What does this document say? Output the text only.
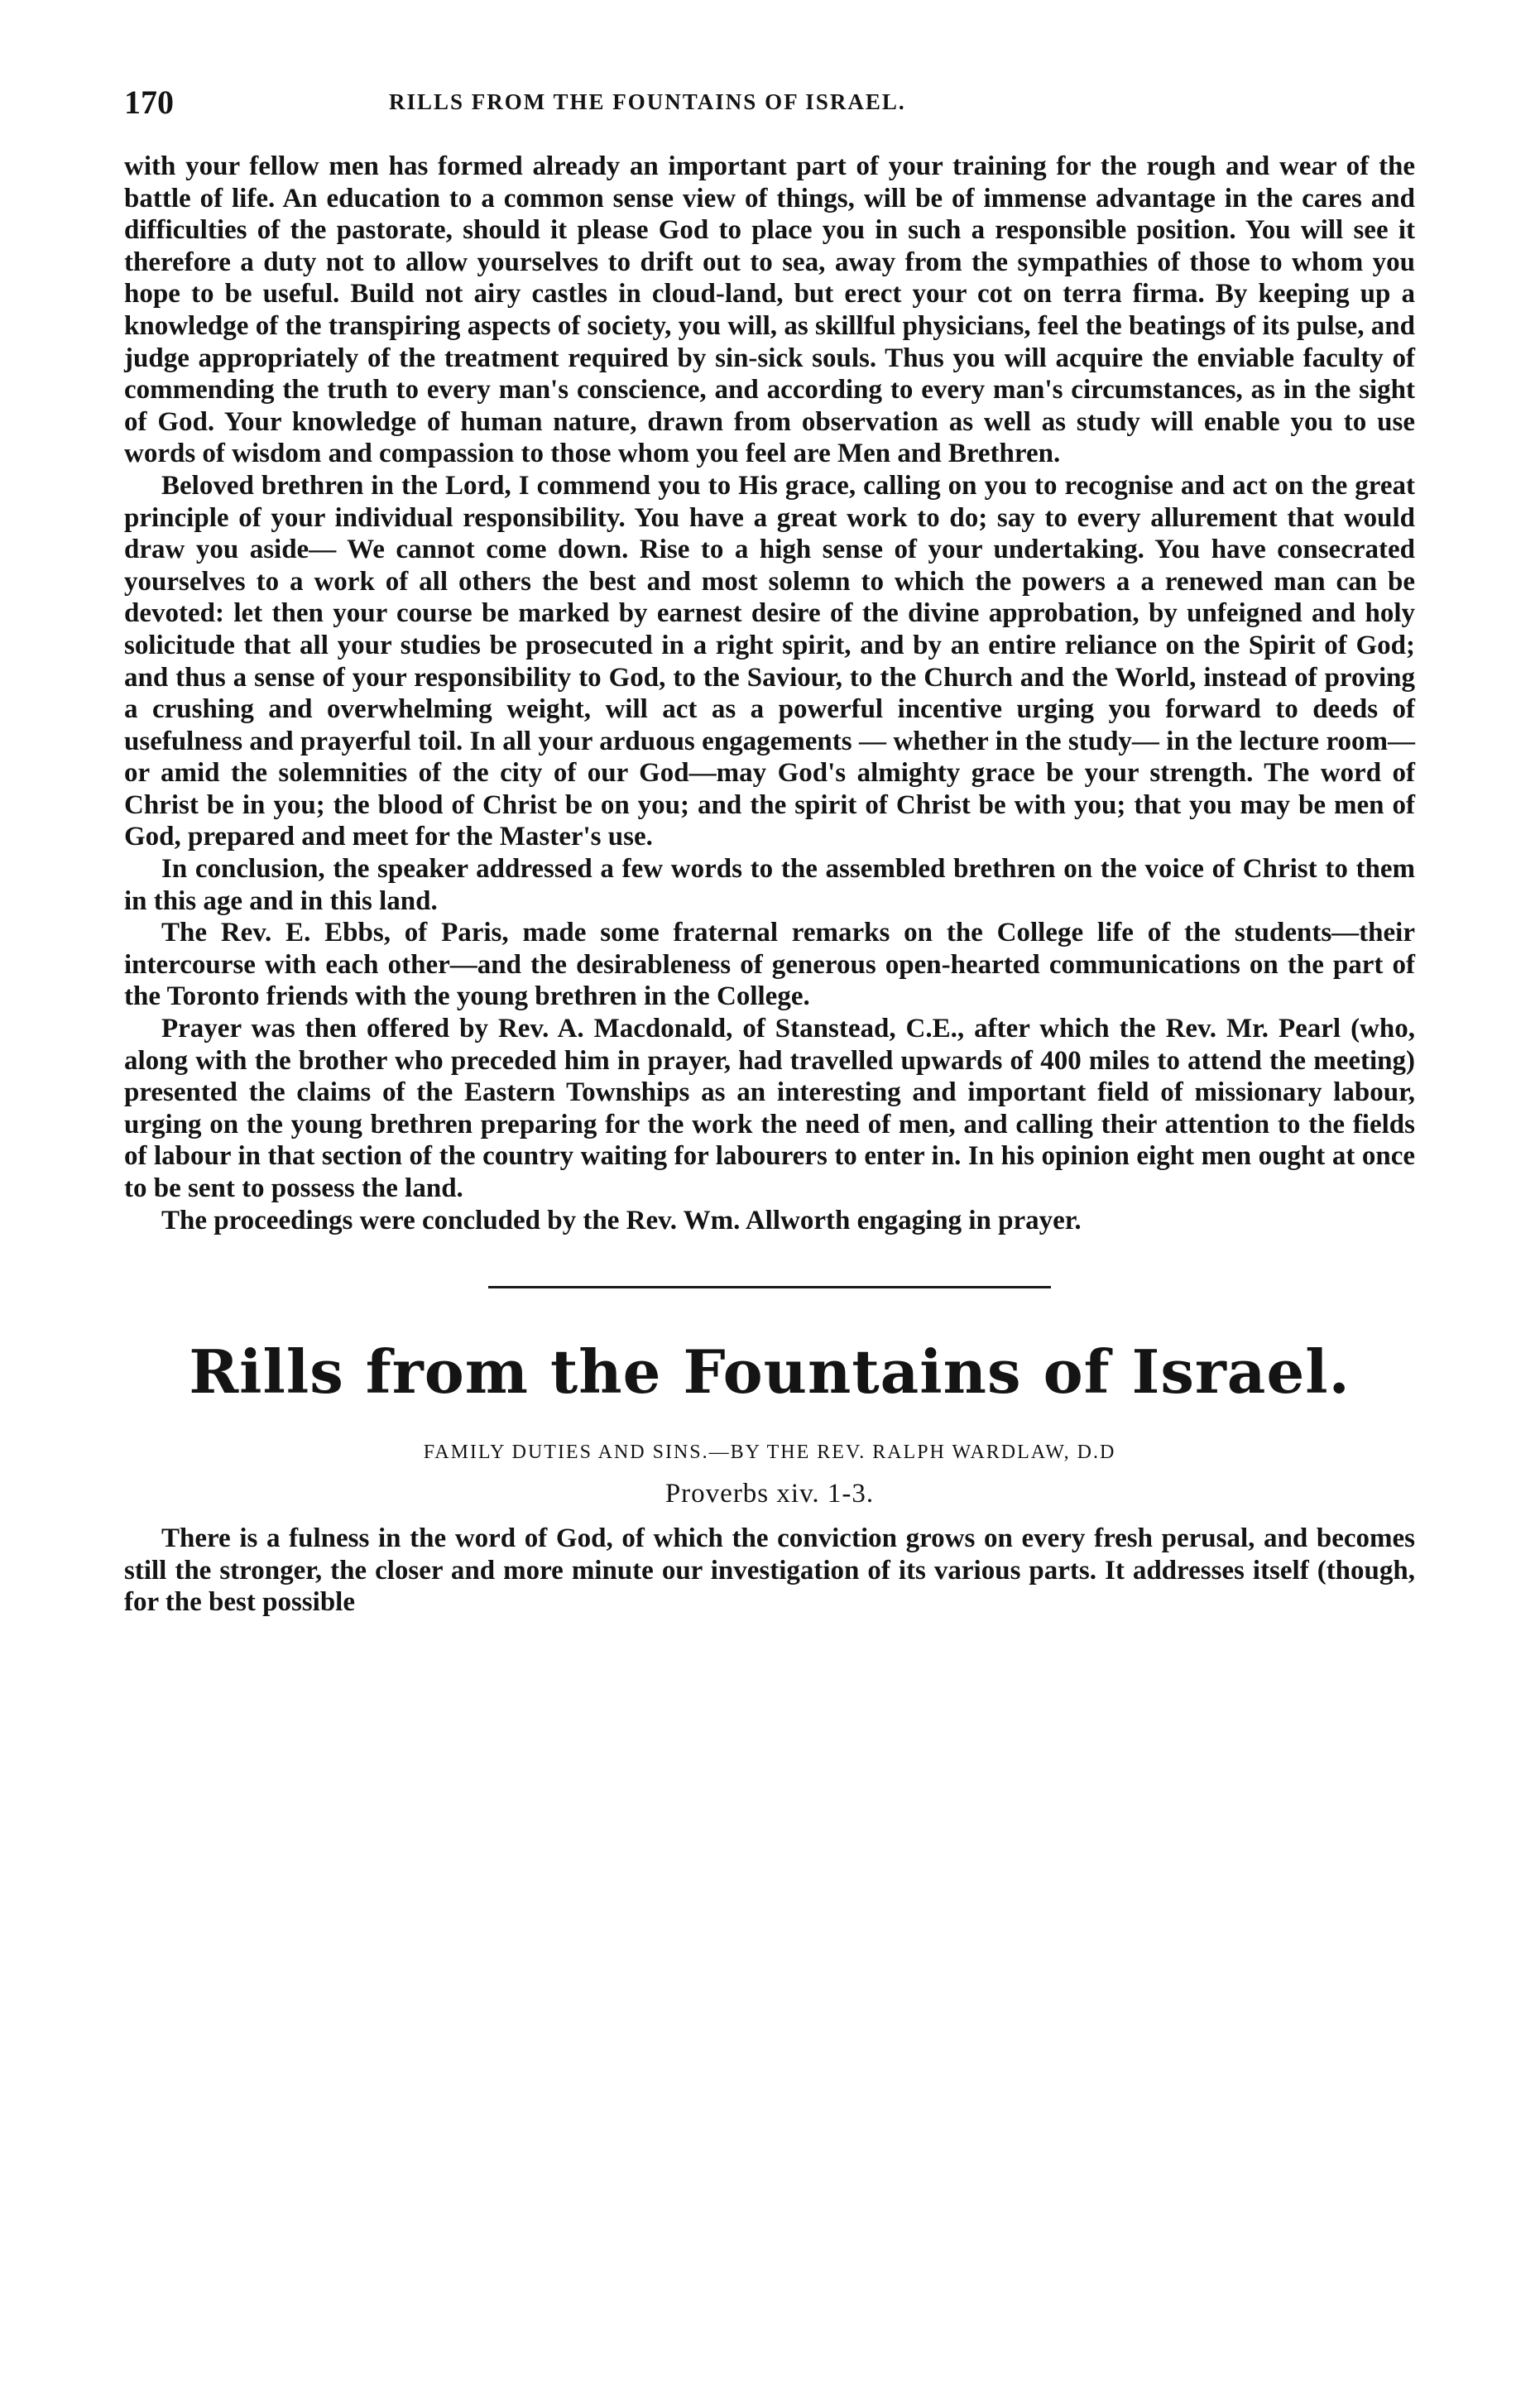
170	RILLS FROM THE FOUNTAINS OF ISRAEL.

with your fellow men has formed already an important part of your training for the rough and wear of the battle of life. An education to a common sense view of things, will be of immense advantage in the cares and difficulties of the pastorate, should it please God to place you in such a responsible position. You will see it therefore a duty not to allow yourselves to drift out to sea, away from the sympathies of those to whom you hope to be useful. Build not airy castles in cloud-land, but erect your cot on terra firma. By keeping up a knowledge of the transpiring aspects of society, you will, as skillful physicians, feel the beatings of its pulse, and judge appropriately of the treatment required by sin-sick souls. Thus you will acquire the enviable faculty of commending the truth to every man's conscience, and according to every man's circumstances, as in the sight of God. Your knowledge of human nature, drawn from observation as well as study will enable you to use words of wisdom and compassion to those whom you feel are Men and Brethren.

Beloved brethren in the Lord, I commend you to His grace, calling on you to recognise and act on the great principle of your individual responsibility. You have a great work to do; say to every allurement that would draw you aside— We cannot come down. Rise to a high sense of your undertaking. You have consecrated yourselves to a work of all others the best and most solemn to which the powers a a renewed man can be devoted: let then your course be marked by earnest desire of the divine approbation, by unfeigned and holy solicitude that all your studies be prosecuted in a right spirit, and by an entire reliance on the Spirit of God; and thus a sense of your responsibility to God, to the Saviour, to the Church and the World, instead of proving a crushing and overwhelming weight, will act as a powerful incentive urging you forward to deeds of usefulness and prayerful toil. In all your arduous engagements — whether in the study— in the lecture room—or amid the solemnities of the city of our God—may God's almighty grace be your strength. The word of Christ be in you; the blood of Christ be on you; and the spirit of Christ be with you; that you may be men of God, prepared and meet for the Master's use.

In conclusion, the speaker addressed a few words to the assembled brethren on the voice of Christ to them in this age and in this land.

The Rev. E. Ebbs, of Paris, made some fraternal remarks on the College life of the students—their intercourse with each other—and the desirableness of generous open-hearted communications on the part of the Toronto friends with the young brethren in the College.

Prayer was then offered by Rev. A. Macdonald, of Stanstead, C.E., after which the Rev. Mr. Pearl (who, along with the brother who preceded him in prayer, had travelled upwards of 400 miles to attend the meeting) presented the claims of the Eastern Townships as an interesting and important field of missionary labour, urging on the young brethren preparing for the work the need of men, and calling their attention to the fields of labour in that section of the country waiting for labourers to enter in. In his opinion eight men ought at once to be sent to possess the land.

The proceedings were concluded by the Rev. Wm. Allworth engaging in prayer.

Rills from the Fountains of Israel.
FAMILY DUTIES AND SINS.—BY THE REV. RALPH WARDLAW, D.D
Proverbs xiv. 1-3.

There is a fulness in the word of God, of which the conviction grows on every fresh perusal, and becomes still the stronger, the closer and more minute our investigation of its various parts. It addresses itself (though, for the best possible
